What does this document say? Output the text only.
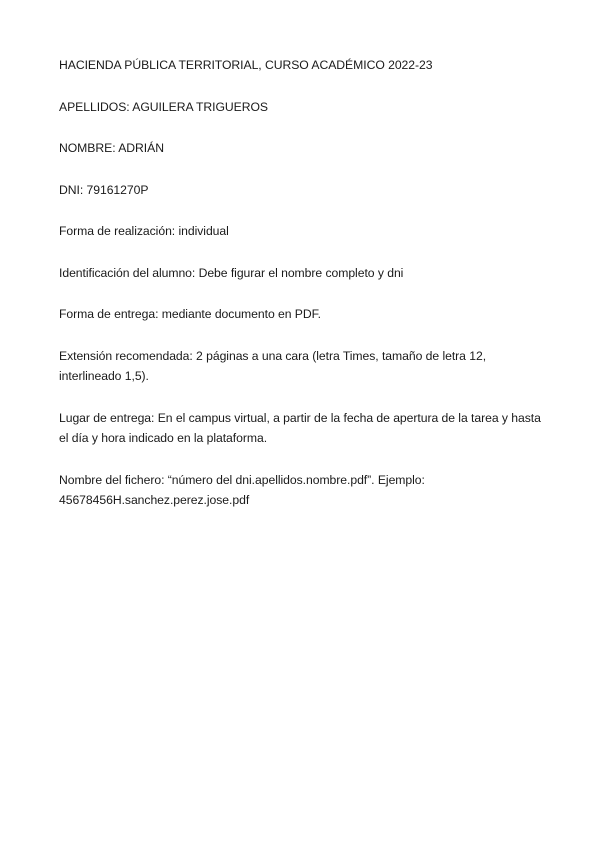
HACIENDA PÚBLICA TERRITORIAL, CURSO ACADÉMICO 2022-23

APELLIDOS: AGUILERA TRIGUEROS

NOMBRE: ADRIÁN

DNI: 79161270P

Forma de realización: individual

Identificación del alumno: Debe figurar el nombre completo y dni

Forma de entrega: mediante documento en PDF.

Extensión recomendada: 2 páginas a una cara (letra Times, tamaño de letra 12,
interlineado 1,5).

Lugar de entrega: En el campus virtual, a partir de la fecha de apertura de la tarea y hasta
el día y hora indicado en la plataforma.

Nombre del fichero: “número del dni.apellidos.nombre.pdf”. Ejemplo:
45678456H.sanchez.perez.jose.pdf
